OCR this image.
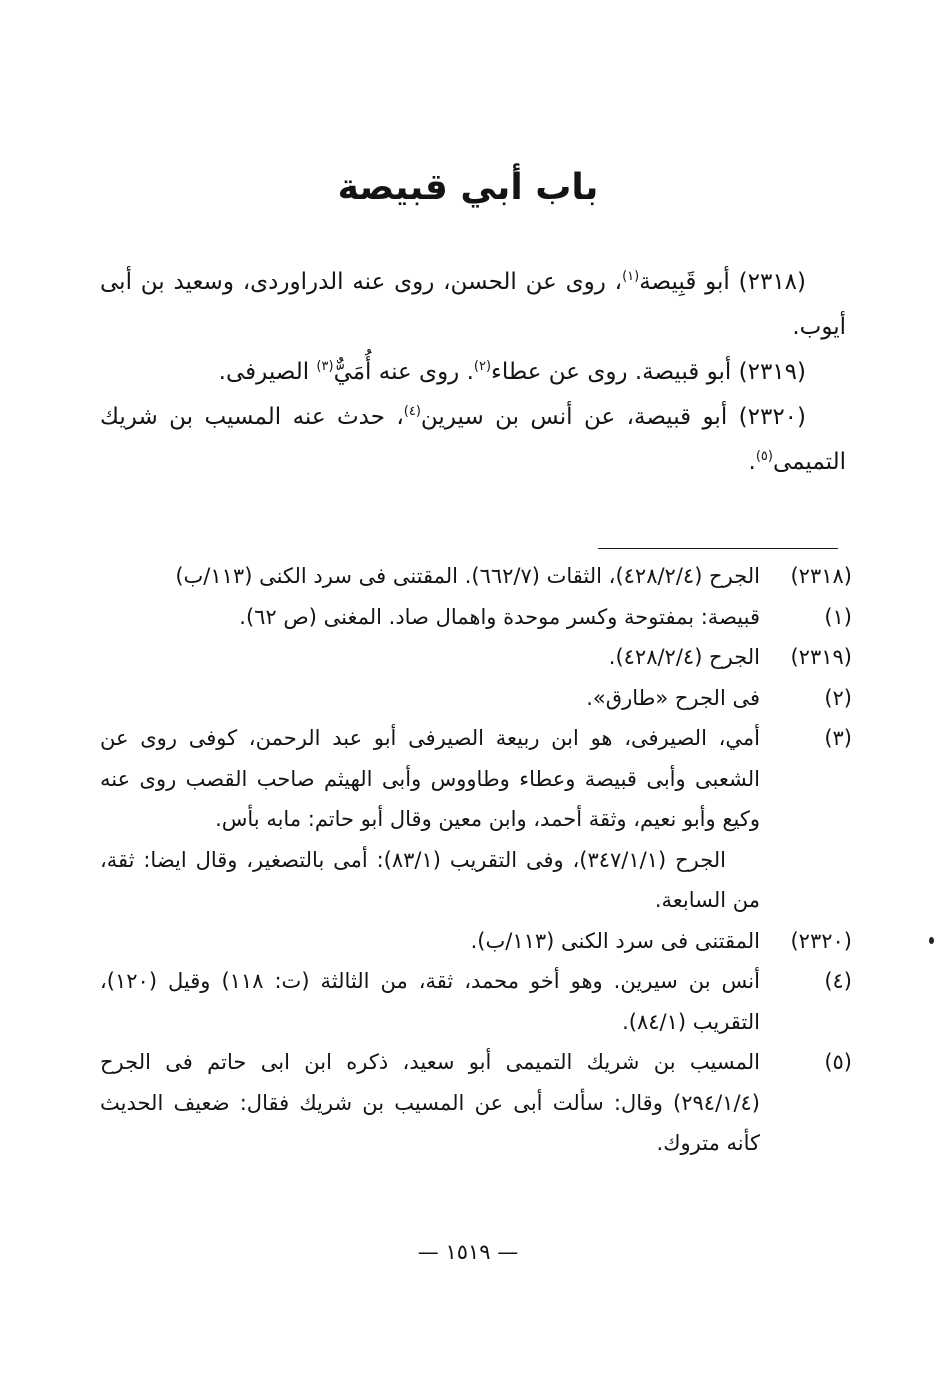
باب أبي قبيصة
(٢٣١٨) أبو قَبِيصة$^{(١)}$، روى عن الحسن، روى عنه الدراوردى، وسعيد بن أبى أيوب.
(٢٣١٩) أبو قبيصة. روى عن عطاء$^{(٢)}$. روى عنه أُمَيٌّ$^{(٣)}$ الصيرفى.
(٢٣٢٠) أبو قبيصة، عن أنس بن سيرين$^{(٤)}$، حدث عنه المسيب بن شريك التميمى$^{(٥)}$.
(٢٣١٨)
الجرح (٤٢٨/٢/٤)، الثقات (٦٦٢/٧). المقتنى فى سرد الكنى (١١٣/ب)
(١)
قبيصة: بمفتوحة وكسر موحدة واهمال صاد. المغنى (ص ٦٢).
(٢٣١٩)
الجرح (٤٢٨/٢/٤).
(٢)
فى الجرح «طارق».
(٣)
أمي، الصيرفى، هو ابن ربيعة الصيرفى أبو عبد الرحمن، كوفى روى عن الشعبى وأبى قبيصة وعطاء وطاووس وأبى الهيثم صاحب القصب روى عنه وكيع وأبو نعيم، وثقة أحمد، وابن معين وقال أبو حاتم: مابه بأس.
الجرح (٣٤٧/١/١)، وفى التقريب (٨٣/١): أمى بالتصغير، وقال ايضا: ثقة، من السابعة.
(٢٣٢٠)
المقتنى فى سرد الكنى (١١٣/ب).
(٤)
أنس بن سيرين. وهو أخو محمد، ثقة، من الثالثة (ت: ١١٨) وقيل (١٢٠)، التقريب (٨٤/١).
(٥)
المسيب بن شريك التميمى أبو سعيد، ذكره ابن ابى حاتم فى الجرح (٢٩٤/١/٤) وقال: سألت أبى عن المسيب بن شريك فقال: ضعيف الحديث كأنه متروك.
— ١٥١٩ —
